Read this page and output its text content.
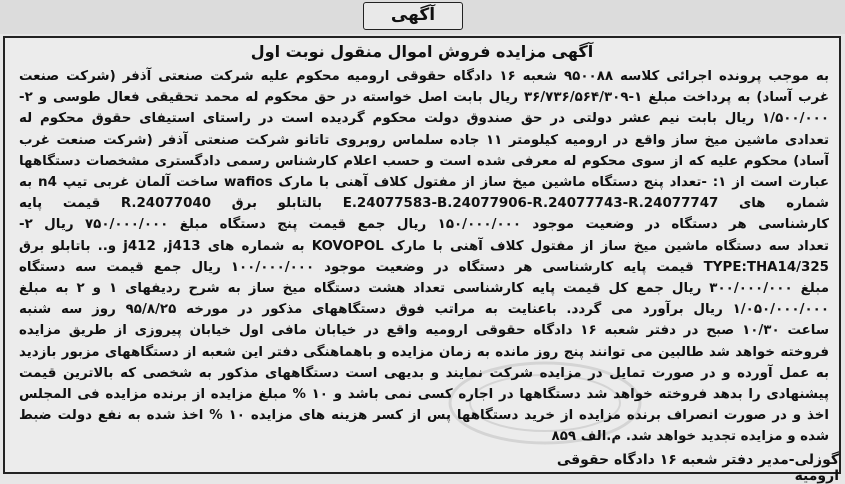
آگهی
آگهی مزایده فروش اموال منقول نوبت اول
به موجب پرونده اجرائی کلاسه ۹۵۰۰۸۸ شعبه ۱۶ دادگاه حقوقی ارومیه محکوم علیه شرکت صنعتی آذفر (شرکت صنعت
غرب آساد) به پرداخت مبلغ ۱-۳۶/۷۳۶/۵۶۴/۳۰۹ ریال بابت اصل خواسته در حق محکوم له محمد تحقیقی فعال طوسی و ۲-
۱/۵۰۰/۰۰۰ ریال بابت نیم عشر دولتی در حق صندوق دولت محکوم گردیده است در راستای استیفای حقوق محکوم له
تعدادی ماشین میخ ساز واقع در ارومیه کیلومتر ۱۱ جاده سلماس روبروی تاتانو شرکت صنعتی آذفر (شرکت صنعت غرب
آساد) محکوم علیه که از سوی محکوم له معرفی شده است و حسب اعلام کارشناس رسمی دادگستری مشخصات دستگاهها
عبارت است از ۱: -تعداد پنج دستگاه ماشین میخ ساز از مفتول کلاف آهنی با مارک wafios ساخت آلمان غربی تیپ n4 به
شماره های E.24077583-B.24077906-R.24077743-R.24077747 بالتابلو برق R.24077040 قیمت پایه
کارشناسی هر دستگاه در وضعیت موجود ۱۵۰/۰۰۰/۰۰۰ ریال جمع قیمت پنج دستگاه مبلغ ۷۵۰/۰۰۰/۰۰۰ ریال ۲-
تعداد سه دستگاه ماشین میخ ساز از مفتول کلاف آهنی با مارک KOVOPOL به شماره های j412 ,j413 و.. باتابلو برق
TYPE:THA14/325 قیمت پایه کارشناسی هر دستگاه در وضعیت موجود ۱۰۰/۰۰۰/۰۰۰ ریال جمع قیمت سه دستگاه
مبلغ ۳۰۰/۰۰۰/۰۰۰ ریال جمع کل قیمت پایه کارشناسی تعداد هشت دستگاه میخ ساز به شرح ردیفهای ۱ و ۲ به مبلغ
۱/۰۵۰/۰۰۰/۰۰۰ ریال برآورد می گردد. باعنایت به مراتب فوق دستگاههای مذکور در مورخه ۹۵/۸/۲۵ روز سه شنبه
ساعت ۱۰/۳۰ صبح در دفتر شعبه ۱۶ دادگاه حقوقی ارومیه واقع در خیابان مافی اول خیابان پیروزی از طریق مزایده
فروخته خواهد شد طالبین می توانند پنج روز مانده به زمان مزایده و باهماهنگی دفتر این شعبه از دستگاههای مزبور بازدید
به عمل آورده و در صورت تمایل در مزایده شرکت نمایند و بدیهی است دستگاههای مذکور به شخصی که بالاترین قیمت
پیشنهادی را بدهد فروخته خواهد شد دستگاهها در اجاره کسی نمی باشد و ۱۰ % مبلغ مزایده از برنده مزایده فی المجلس
اخذ و در صورت انصراف برنده مزایده از خرید دستگاهها پس از کسر هزینه های مزایده ۱۰ % اخذ شده به نفع دولت ضبط
شده و مزایده تجدید خواهد شد. م.الف ۸۵۹
گوزلی-مدیر دفتر شعبه ۱۶ دادگاه حقوقی ارومیه
